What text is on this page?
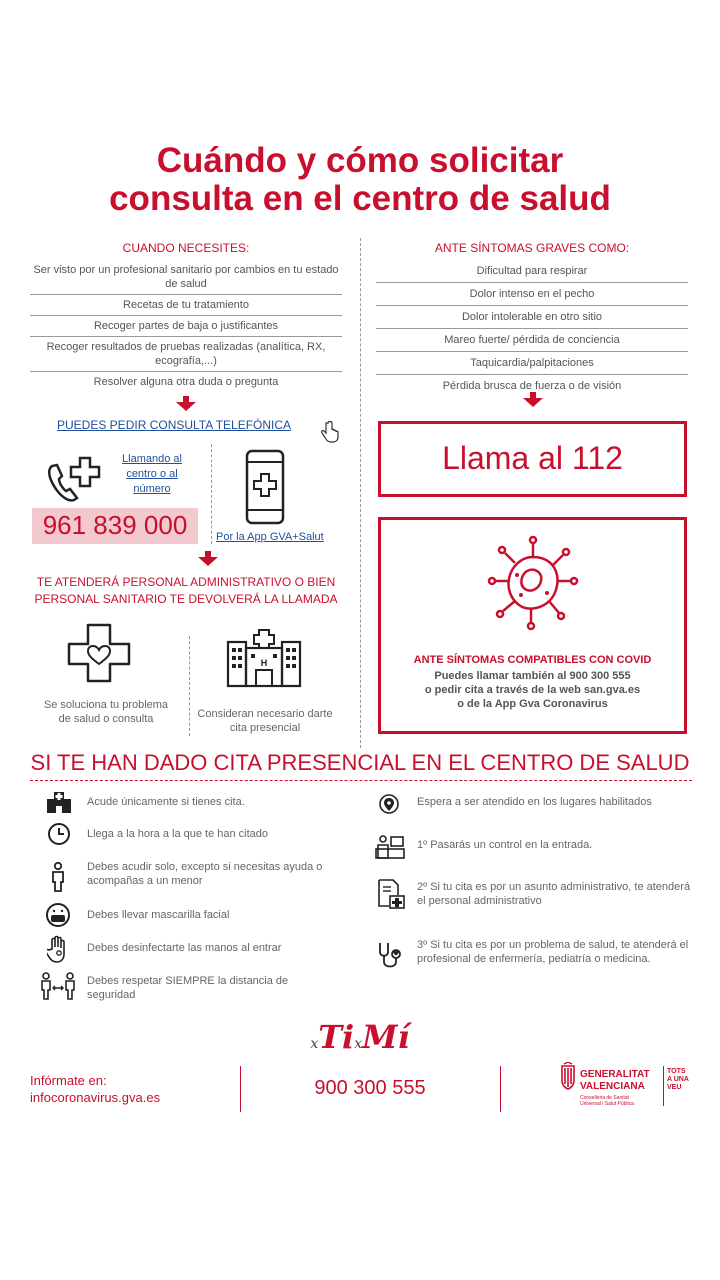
Cuándo y cómo solicitar
consulta en el centro de salud
CUANDO NECESITES:
Ser visto por un profesional sanitario por cambios en tu estado de salud
Recetas de tu tratamiento
Recoger partes de baja o justificantes
Recoger resultados de pruebas realizadas (analítica, RX, ecografía,...)
Resolver alguna otra duda o pregunta
PUEDES PEDIR CONSULTA TELEFÓNICA
Llamando al centro o al número
961 839 000	Por la App GVA+Salut
TE ATENDERÁ PERSONAL ADMINISTRATIVO O BIEN PERSONAL SANITARIO TE DEVOLVERÁ LA LLAMADA
Se soluciona tu problema de salud o consulta
H
Consideran necesario darte cita presencial
ANTE SÍNTOMAS GRAVES COMO:
Dificultad para respirar
Dolor intenso en el pecho
Dolor intolerable en otro sitio
Mareo fuerte/ pérdida de conciencia
Taquicardia/palpitaciones
Pérdida brusca de fuerza o de visión
Llama al 112
ANTE SÍNTOMAS COMPATIBLES CON COVID
Puedes llamar también al 900 300 555
o pedir cita a través de la web san.gva.es
o de la App Gva Coronavirus
SI TE HAN DADO CITA PRESENCIAL EN EL CENTRO DE SALUD
Acude únicamente si tienes cita.
Llega a la hora a la que te han citado
Debes acudir solo, excepto si necesitas ayuda o acompañas a un menor
Debes llevar mascarilla facial
Debes desinfectarte las manos al entrar
Debes respetar SIEMPRE la distancia de seguridad
Espera a ser atendido en los lugares habilitados
1º Pasarás un control en la entrada.
2º Si tu cita es por un asunto administrativo, te atenderá el personal administrativo
3º Si tu cita es por un problema de salud, te atenderá el profesional de enfermería, pediatría o medicina.
xTixMí
Infórmate en:
infocoronavirus.gva.es	900 300 555
GENERALITAT
VALENCIANA
Conselleria de Sanitat
Universal i Salut Pública
TOTS A UNA VEU
